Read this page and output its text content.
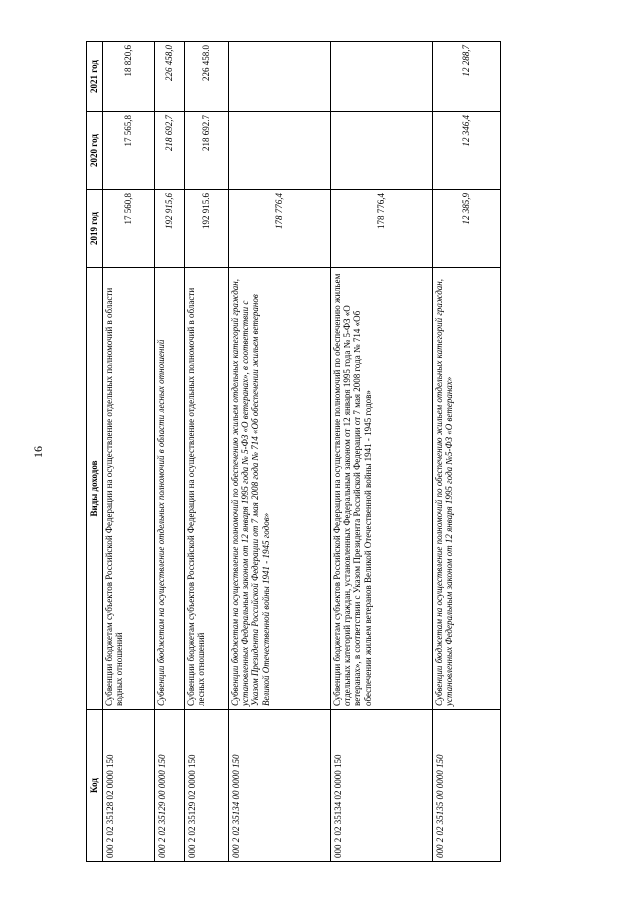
16
Код	Виды доходов	2019 год	2020 год	2021 год
000 2 02 35128 02 0000 150	Субвенции бюджетам субъектов Российской Федерации на осуществление отдельных полномочий в области водных отношений	17 560,8	17 565,8	18 820,6
000 2 02 35129 00 0000 150	Субвенции бюджетам на осуществление отдельных полномочий в области лесных отношений	192 915,6	218 692,7	226 458,0
000 2 02 35129 02 0000 150	Субвенции бюджетам субъектов Российской Федерации на осуществление отдельных полномочий в области лесных отношений	192 915.6	218 692.7	226 458.0
000 2 02 35134 00 0000 150	Субвенции бюджетам на осуществление полномочий по обеспечению жильем отдельных категорий граждан, установленных Федеральным законом от 12 января 1995 года № 5-ФЗ «О ветеранах», в соответствии с Указом Президента Российской Федерации от 7 мая 2008 года № 714 «Об обеспечении жильем ветеранов Великой Отечественной войны 1941 - 1945 годов»	178 776,4		
000 2 02 35134 02 0000 150	Субвенции бюджетам субъектов Российской Федерации на осуществление полномочий по обеспечению жильем отдельных категорий граждан, установленных Федеральным законом от 12 января 1995 года № 5-ФЗ «О ветеранах», в соответствии с Указом Президента Российской Федерации от 7 мая 2008 года № 714 «Об обеспечении жильем ветеранов Великой Отечественной войны 1941 - 1945 годов»	178 776,4		
000 2 02 35135 00 0000 150	Субвенции бюджетам на осуществление полномочий по обеспечению жильем отдельных категорий граждан, установленных Федеральным законом от 12 января 1995 года №5-ФЗ «О ветеранах»	12 385,9	12 346,4	12 288,7
